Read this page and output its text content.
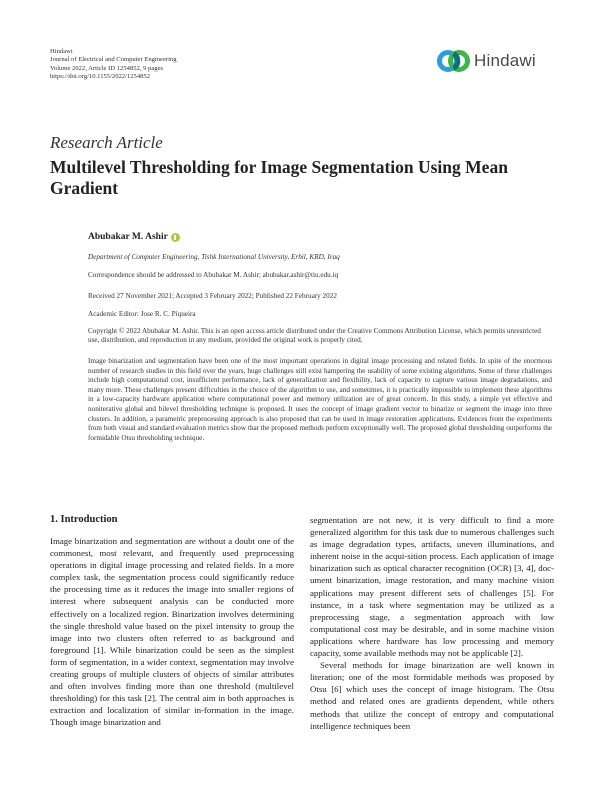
Hindawi
Journal of Electrical and Computer Engineering
Volume 2022, Article ID 1254852, 9 pages
https://doi.org/10.1155/2022/1254852
Hindawi
Research Article
Multilevel Thresholding for Image Segmentation Using Mean Gradient
Abubakar M. Ashir
Department of Computer Engineering, Tishk International University, Erbil, KRD, Iraq
Correspondence should be addressed to Abubakar M. Ashir; abubakar.ashir@tiu.edu.iq
Received 27 November 2021; Accepted 3 February 2022; Published 22 February 2022
Academic Editor: Jose R. C. Piqueira
Copyright © 2022 Abubakar M. Ashir. This is an open access article distributed under the Creative Commons Attribution License, which permits unrestricted use, distribution, and reproduction in any medium, provided the original work is properly cited.
Image binarization and segmentation have been one of the most important operations in digital image processing and related fields. In spite of the enormous number of research studies in this field over the years, huge challenges still exist hampering the usability of some existing algorithms. Some of these challenges include high computational cost, insufficient performance, lack of generalization and flexibility, lack of capacity to capture various image degradations, and many more. These challenges present difficulties in the choice of the algorithm to use, and sometimes, it is practically impossible to implement these algorithms in a low-capacity hardware application where computational power and memory utilization are of great concern. In this study, a simple yet effective and noniterative global and bilevel thresholding technique is proposed. It uses the concept of image gradient vector to binarize or segment the image into three clusters. In addition, a parametric preprocessing approach is also proposed that can be used in image restoration applications. Evidences from the experiments from both visual and standard evaluation metrics show that the proposed methods perform exceptionally well. The proposed global thresholding outperforms the formidable Otsu thresholding technique.
1. Introduction

Image binarization and segmentation are without a doubt one of the commonest, most relevant, and frequently used preprocessing operations in digital image processing and related fields. In a more complex task, the segmentation process could significantly reduce the processing time as it reduces the image into smaller regions of interest where subsequent analysis can be conducted more effectively on a localized region. Binarization involves determining the single threshold value based on the pixel intensity to group the image into two clusters often referred to as background and foreground [1]. While binarization could be seen as the simplest form of segmentation, in a wider context, segmentation may involve creating groups of multiple clusters of objects of similar attributes and often involves finding more than one threshold (multilevel thresholding) for this task [2]. The central aim in both approaches is extraction and localization of similar in-formation in the image. Though image binarization and

segmentation are not new, it is very difficult to find a more generalized algorithm for this task due to numerous challenges such as image degradation types, artifacts, uneven illuminations, and inherent noise in the acqui-sition process. Each application of image binarization such as optical character recognition (OCR) [3, 4], doc-ument binarization, image restoration, and many machine vision applications may present different sets of challenges [5]. For instance, in a task where segmentation may be utilized as a preprocessing stage, a segmentation approach with low computational cost may be desirable, and in some machine vision applications where hardware has low processing and memory capacity, some available methods may not be applicable [2].

Several methods for image binarization are well known in literation; one of the most formidable methods was proposed by Otsu [6] which uses the concept of image histogram. The Otsu method and related ones are gradients dependent, while others methods that utilize the concept of entropy and computational intelligence techniques been
